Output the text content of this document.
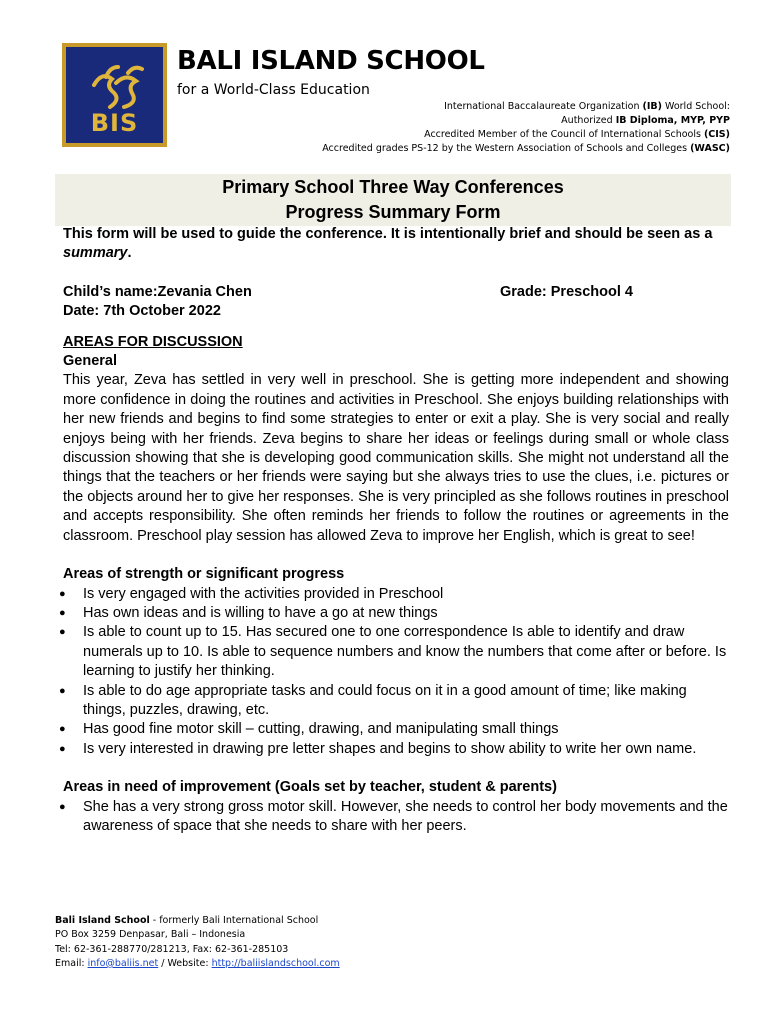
BIS
BALI ISLAND SCHOOL
for a World-Class Education
International Baccalaureate Organization (IB) World School:
Authorized IB Diploma, MYP, PYP
Accredited Member of the Council of International Schools (CIS)
Accredited grades PS-12 by the Western Association of Schools and Colleges (WASC)
Primary School Three Way Conferences
Progress Summary Form
This form will be used to guide the conference. It is intentionally brief and should be seen as a summary.
Child’s name:Zevania Chen	Grade: Preschool 4
Date: 7th October 2022
AREAS FOR DISCUSSION
General
This year, Zeva has settled in very well in preschool. She is getting more independent and showing more confidence in doing the routines and activities in Preschool. She enjoys building relationships with her new friends and begins to find some strategies to enter or exit a play. She is very social and really enjoys being with her friends. Zeva begins to share her ideas or feelings during small or whole class discussion showing that she is developing good communication skills. She might not understand all the things that the teachers or her friends were saying but she always tries to use the clues, i.e. pictures or the objects around her to give her responses. She is very principled as she follows routines in preschool and accepts responsibility. She often reminds her friends to follow the routines or agreements in the classroom. Preschool play session has allowed Zeva to improve her English, which is great to see!
Areas of strength or significant progress
● Is very engaged with the activities provided in Preschool
● Has own ideas and is willing to have a go at new things
● Is able to count up to 15. Has secured one to one correspondence Is able to identify and draw numerals up to 10. Is able to sequence numbers and know the numbers that come after or before. Is learning to justify her thinking.
● Is able to do age appropriate tasks and could focus on it in a good amount of time; like making things, puzzles, drawing, etc.
● Has good fine motor skill – cutting, drawing, and manipulating small things
● Is very interested in drawing pre letter shapes and begins to show ability to write her own name.
Areas in need of improvement (Goals set by teacher, student & parents)
● She has a very strong gross motor skill. However, she needs to control her body movements and the awareness of space that she needs to share with her peers.
Bali Island School - formerly Bali International School
PO Box 3259 Denpasar, Bali – Indonesia
Tel: 62-361-288770/281213, Fax: 62-361-285103
Email: info@baliis.net / Website: http://baliislandschool.com
